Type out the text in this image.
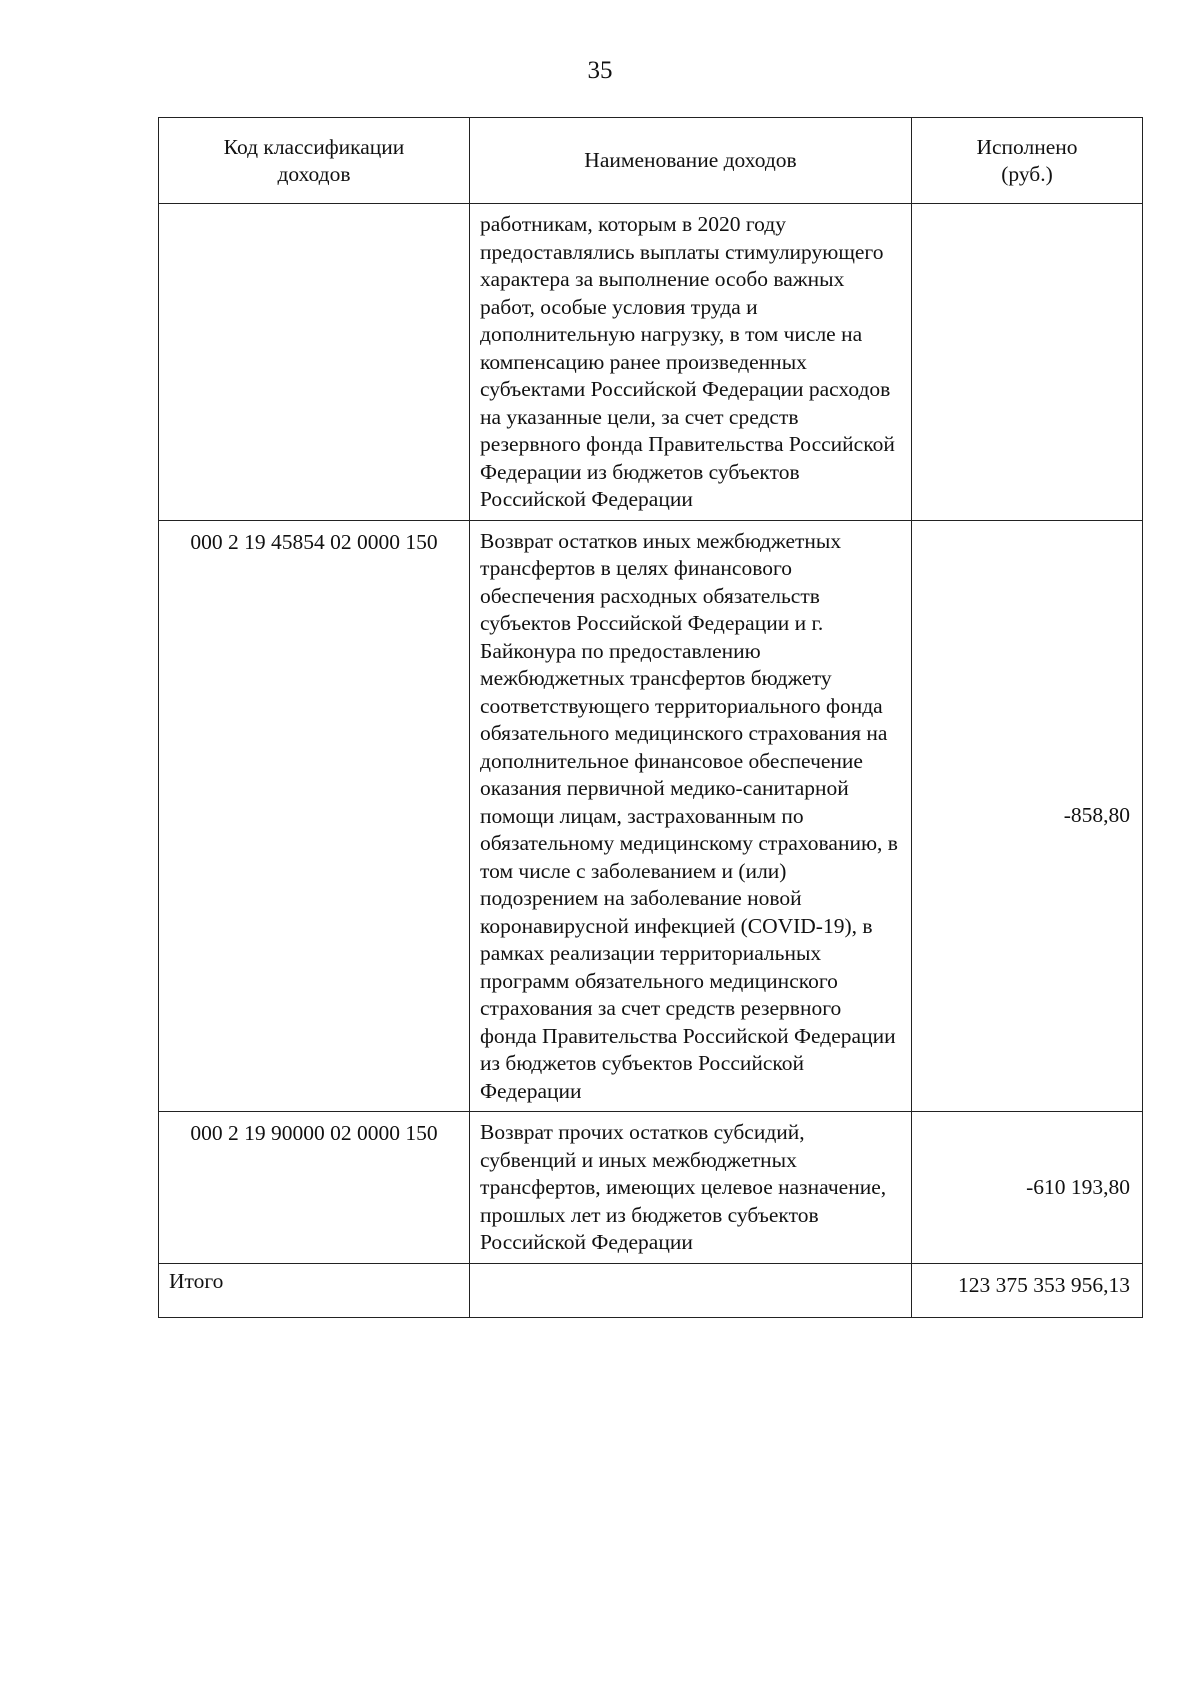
35
Код классификации доходов	Наименование доходов	Исполнено (руб.)
	работникам, которым в 2020 году предоставлялись выплаты стимулирующего характера за выполнение особо важных работ, особые условия труда и дополнительную нагрузку, в том числе на компенсацию ранее произведенных субъектами Российской Федерации расходов на указанные цели, за счет средств резервного фонда Правительства Российской Федерации из бюджетов субъектов Российской Федерации	
000 2 19 45854 02 0000 150	Возврат остатков иных межбюджетных трансфертов в целях финансового обеспечения расходных обязательств субъектов Российской Федерации и г. Байконура по предоставлению межбюджетных трансфертов бюджету соответствующего территориального фонда обязательного медицинского страхования на дополнительное финансовое обеспечение оказания первичной медико-санитарной помощи лицам, застрахованным по обязательному медицинскому страхованию, в том числе с заболеванием и (или) подозрением на заболевание новой коронавирусной инфекцией (COVID-19), в рамках реализации территориальных программ обязательного медицинского страхования за счет средств резервного фонда Правительства Российской Федерации из бюджетов субъектов Российской Федерации	-858,80
000 2 19 90000 02 0000 150	Возврат прочих остатков субсидий, субвенций и иных межбюджетных трансфертов, имеющих целевое назначение, прошлых лет из бюджетов субъектов Российской Федерации	-610 193,80
Итого		123 375 353 956,13
